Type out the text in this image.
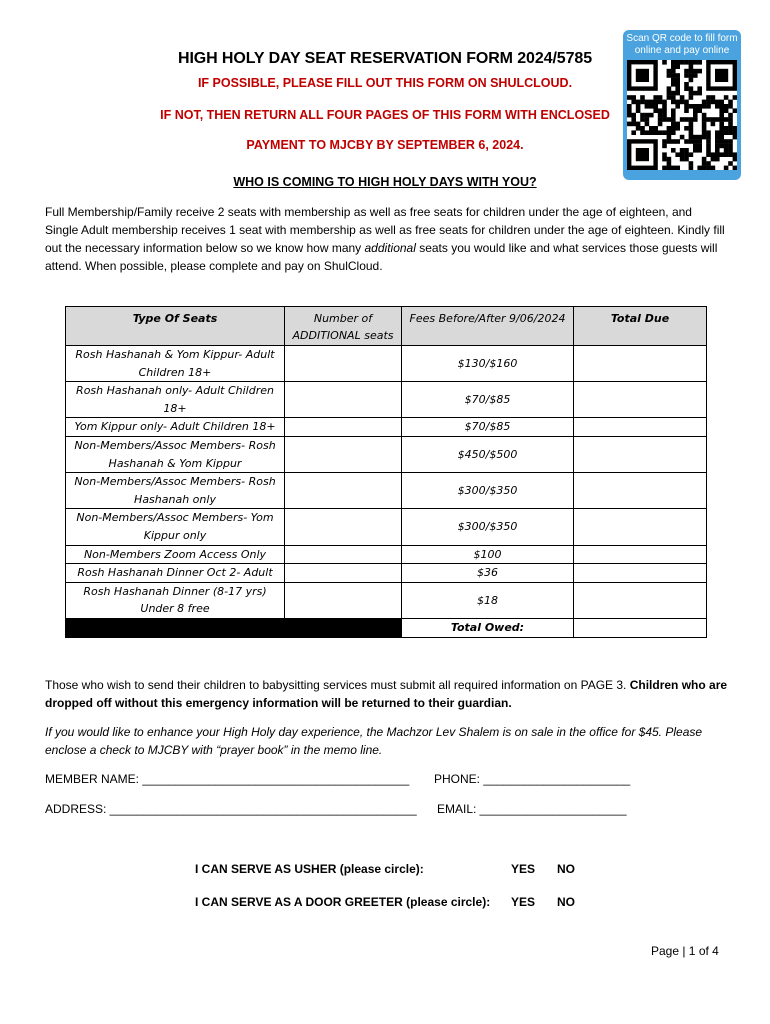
HIGH HOLY DAY SEAT RESERVATION FORM 2024/5785
IF POSSIBLE, PLEASE FILL OUT THIS FORM ON SHULCLOUD.
IF NOT, THEN RETURN ALL FOUR PAGES OF THIS FORM WITH ENCLOSED
PAYMENT TO MJCBY BY SEPTEMBER 6, 2024.
Scan QR code to fill form online and pay online
WHO IS COMING TO HIGH HOLY DAYS WITH YOU?
Full Membership/Family receive 2 seats with membership as well as free seats for children under the age of eighteen, and Single Adult membership receives 1 seat with membership as well as free seats for children under the age of eighteen. Kindly fill out the necessary information below so we know how many additional seats you would like and what services those guests will attend. When possible, please complete and pay on ShulCloud.
Type Of Seats	Number of ADDITIONAL seats	Fees Before/After 9/06/2024	Total Due
Rosh Hashanah & Yom Kippur- Adult Children 18+		$130/$160	
Rosh Hashanah only- Adult Children 18+		$70/$85	
Yom Kippur only- Adult Children 18+		$70/$85	
Non-Members/Assoc Members- Rosh Hashanah & Yom Kippur		$450/$500	
Non-Members/Assoc Members- Rosh Hashanah only		$300/$350	
Non-Members/Assoc Members- Yom Kippur only		$300/$350	
Non-Members Zoom Access Only		$100	
Rosh Hashanah Dinner Oct 2- Adult		$36	
Rosh Hashanah Dinner (8-17 yrs) Under 8 free		$18	
		Total Owed:	
Those who wish to send their children to babysitting services must submit all required information on PAGE 3. Children who are dropped off without this emergency information will be returned to their guardian.
If you would like to enhance your High Holy day experience, the Machzor Lev Shalem is on sale in the office for $45. Please enclose a check to MJCBY with “prayer book” in the memo line.
MEMBER NAME: ________________________________________ PHONE: ______________________
ADDRESS: ______________________________________________ EMAIL: ______________________
I CAN SERVE AS USHER (please circle):	YES NO
I CAN SERVE AS A DOOR GREETER (please circle): YES NO
Page | 1 of 4
